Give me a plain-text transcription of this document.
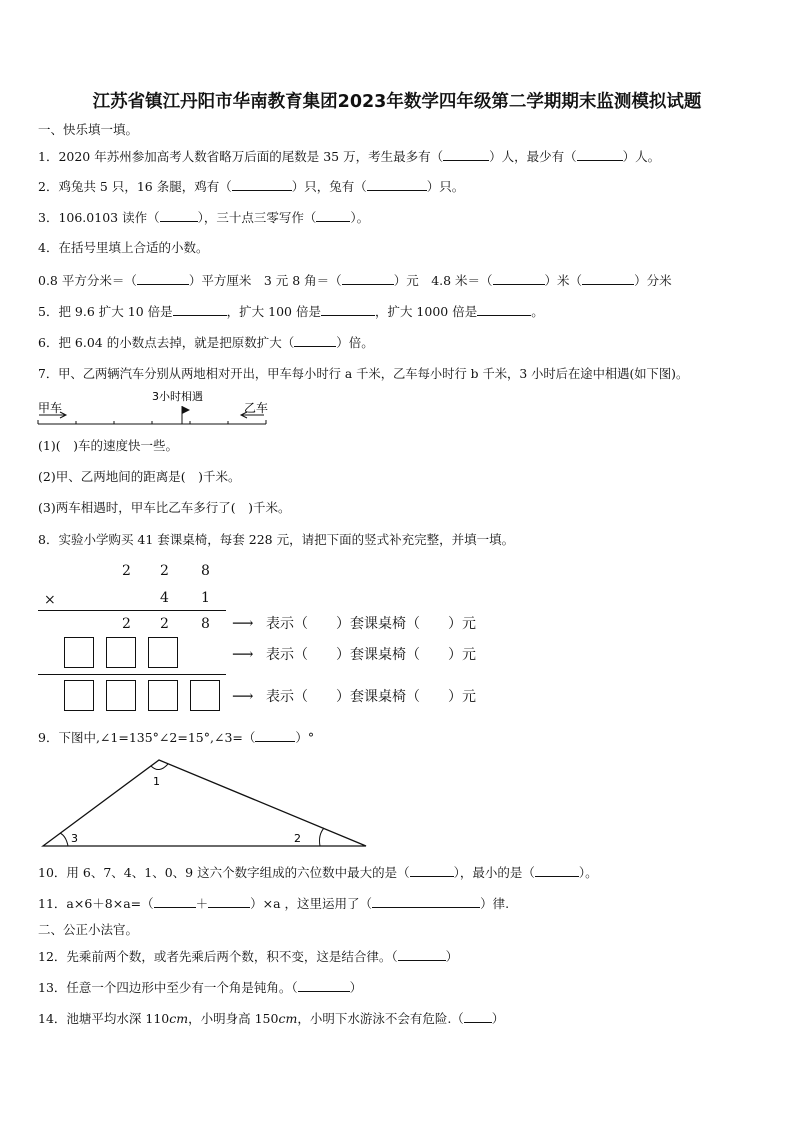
江苏省镇江丹阳市华南教育集团2023年数学四年级第二学期期末监测模拟试题
一、快乐填一填。
1．2020 年苏州参加高考人数省略万后面的尾数是 35 万，考生最多有（	）人，最少有（	）人。
2．鸡兔共 5 只，16 条腿，鸡有（	）只，兔有（	）只。
3．106.0103 读作（	），三十点三零写作（	）。
4．在括号里填上合适的小数。
0.8 平方分米＝（	）平方厘米　3 元 8 角＝（	）元　4.8 米＝（	）米（	）分米
5．把 9.6 扩大 10 倍是	，扩大 100 倍是	，扩大 1000 倍是	。
6．把 6.04 的小数点去掉，就是把原数扩大（	）倍。
7．甲、乙两辆汽车分别从两地相对开出，甲车每小时行 a 千米，乙车每小时行 b 千米，3 小时后在途中相遇(如下图)。
甲车	乙车
3小时相遇
(1)(　)车的速度快一些。
(2)甲、乙两地间的距离是(　)千米。
(3)两车相遇时，甲车比乙车多行了(　)千米。
8．实验小学购买 41 套课桌椅，每套 228 元，请把下面的竖式补充完整，并填一填。
2 2 8
×	4 1
2 2 8 ⟶ 表示（　　）套课桌椅（　　）元
⟶ 表示（　　）套课桌椅（　　）元
⟶ 表示（　　）套课桌椅（　　）元
9．下图中,∠1=135°∠2=15°,∠3=（	）°
1
3	2
10．用 6、7、4、1、0、9 这六个数字组成的六位数中最大的是（	），最小的是（	）。
11．a×6＋8×a=（	＋	）×a ，这里运用了（	）律.
二、公正小法官。
12．先乘前两个数，或者先乘后两个数，积不变，这是结合律。（	）
13．任意一个四边形中至少有一个角是钝角。（	）
14．池塘平均水深 110cm，小明身高 150cm，小明下水游泳不会有危险.（ ）
